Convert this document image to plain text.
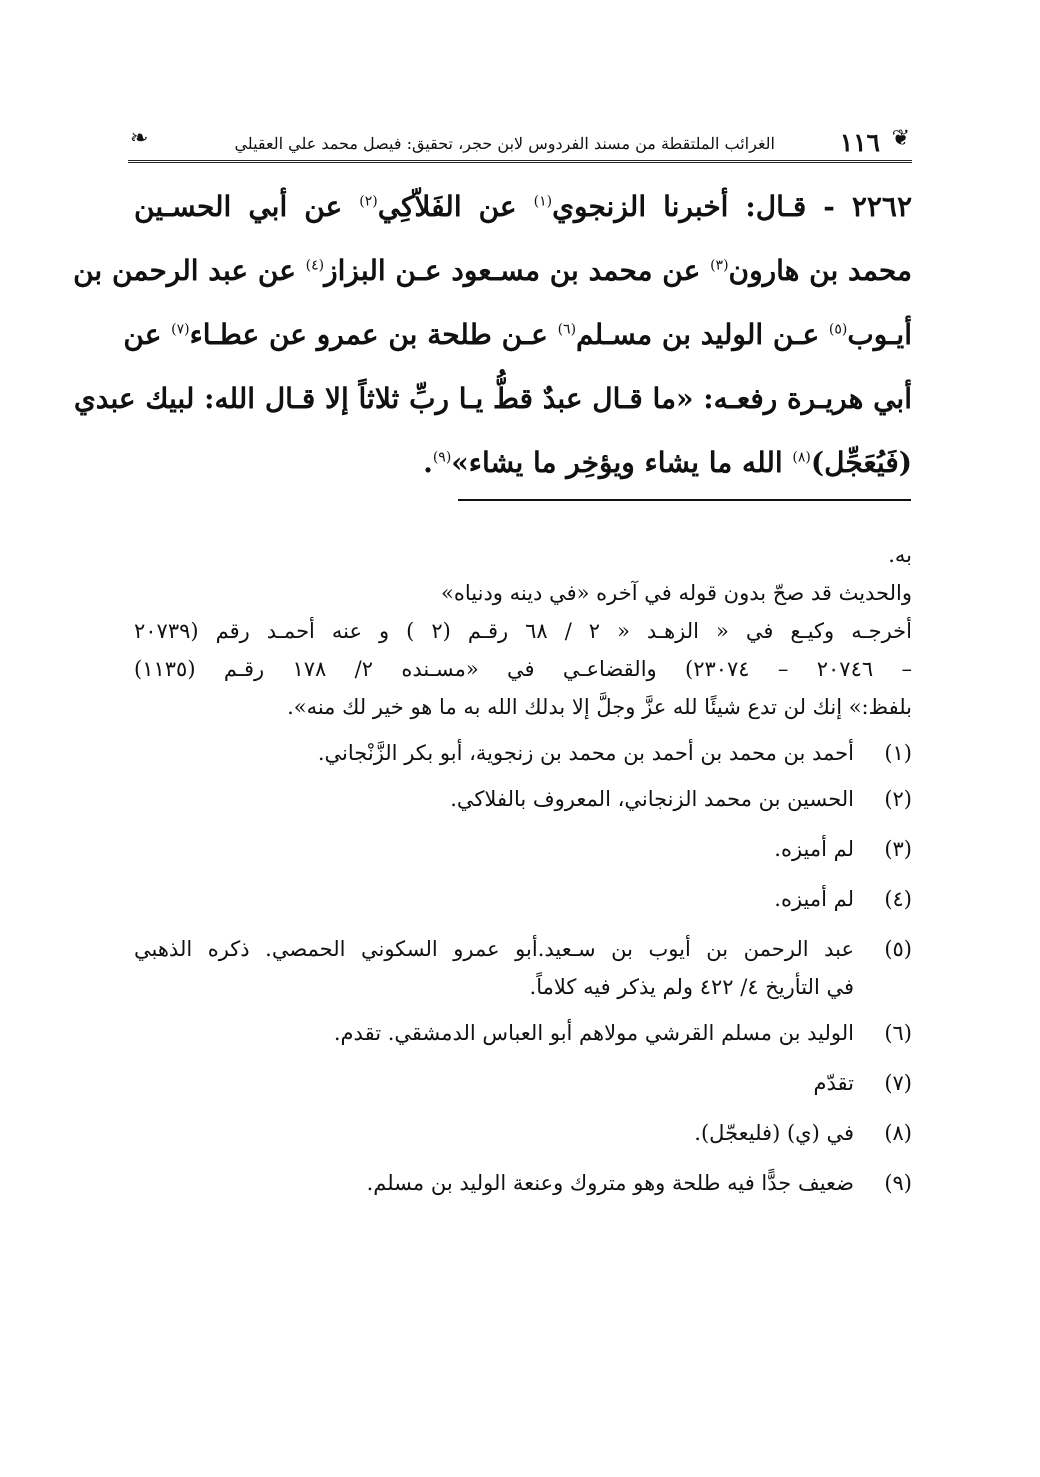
❦
١١٦
الغرائب الملتقطة من مسند الفردوس لابن حجر، تحقيق: فيصل محمد علي العقيلي
❧
٢٢٦٢ - قـال: أخبرنا الزنجوي$^{(١)}$ عن الفَلاّكِي$^{(٢)}$ عن أبي الحسـين
محمد بن هارون$^{(٣)}$ عن محمد بن مسـعود عـن البزاز$^{(٤)}$ عن عبد الرحمن بن
أيـوب$^{(٥)}$ عـن الوليد بن مسـلم$^{(٦)}$ عـن طلحة بن عمرو عن عطـاء$^{(٧)}$ عن
أبي هريـرة رفعـه: «ما قـال عبدٌ قطُّ يـا ربِّ ثلاثاً إلا قـال الله: لبيك عبدي
(فَيُعَجِّل)$^{(٨)}$ الله ما يشاء ويؤخِر ما يشاء»$^{(٩)}$.
به.
والحديث قد صحّ بدون قوله في آخره «في دينه ودنياه»
أخرجـه وكيـع في « الزهـد « ٢ / ٦٨ رقـم (٢ ) و عنه أحمـد رقم (٢٠٧٣٩
– ٢٠٧٤٦ – ٢٣٠٧٤) والقضاعـي في «مسـنده ٢/ ١٧٨ رقـم (١١٣٥)
بلفظ:» إنك لن تدع شيئًا لله عزَّ وجلَّ إلا بدلك الله به ما هو خير لك منه».
(١)
أحمد بن محمد بن أحمد بن محمد بن زنجوية، أبو بكر الزَّنْجاني.
(٢)
الحسين بن محمد الزنجاني، المعروف بالفلاكي.
(٣)
لم أميزه.
(٤)
لم أميزه.
(٥)
عبد الرحمن بن أيوب بن سـعيد.أبو عمرو السكوني الحمصي. ذكره الذهبي
في التأريخ ٤/ ٤٢٢ ولم يذكر فيه كلاماً.
(٦)
الوليد بن مسلم القرشي مولاهم أبو العباس الدمشقي. تقدم.
(٧)
تقدّم
(٨)
في (ي) (فليعجّل).
(٩)
ضعيف جدًّا فيه طلحة وهو متروك وعنعة الوليد بن مسلم.
